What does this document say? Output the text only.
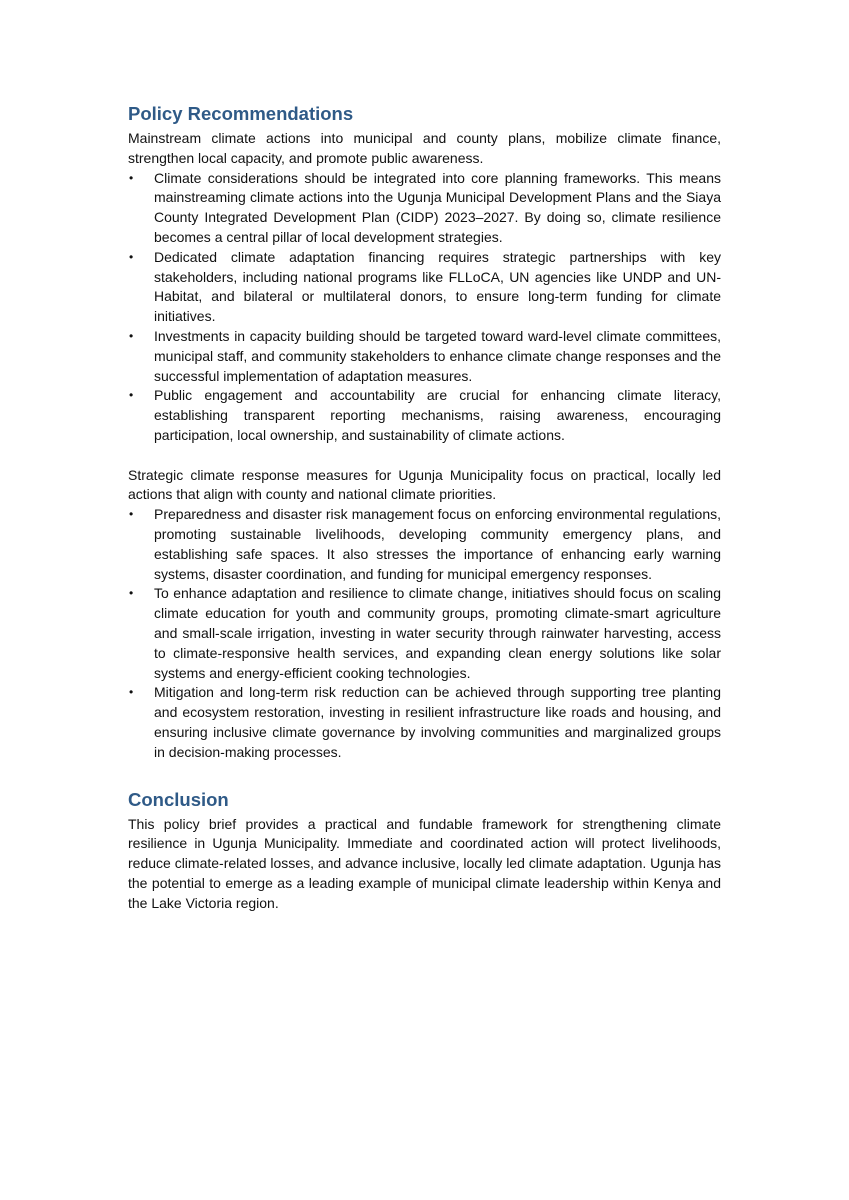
Policy Recommendations

Mainstream climate actions into municipal and county plans, mobilize climate finance, strengthen local capacity, and promote public awareness.

•	Climate considerations should be integrated into core planning frameworks. This means mainstreaming climate actions into the Ugunja Municipal Development Plans and the Siaya County Integrated Development Plan (CIDP) 2023–2027. By doing so, climate resilience becomes a central pillar of local development strategies.
•	Dedicated climate adaptation financing requires strategic partnerships with key stakeholders, including national programs like FLLoCA, UN agencies like UNDP and UN-Habitat, and bilateral or multilateral donors, to ensure long-term funding for climate initiatives.
•	Investments in capacity building should be targeted toward ward-level climate committees, municipal staff, and community stakeholders to enhance climate change responses and the successful implementation of adaptation measures.
•	Public engagement and accountability are crucial for enhancing climate literacy, establishing transparent reporting mechanisms, raising awareness, encouraging participation, local ownership, and sustainability of climate actions.

Strategic climate response measures for Ugunja Municipality focus on practical, locally led actions that align with county and national climate priorities.

•	Preparedness and disaster risk management focus on enforcing environmental regulations, promoting sustainable livelihoods, developing community emergency plans, and establishing safe spaces. It also stresses the importance of enhancing early warning systems, disaster coordination, and funding for municipal emergency responses.
•	To enhance adaptation and resilience to climate change, initiatives should focus on scaling climate education for youth and community groups, promoting climate-smart agriculture and small-scale irrigation, investing in water security through rainwater harvesting, access to climate-responsive health services, and expanding clean energy solutions like solar systems and energy-efficient cooking technologies.
•	Mitigation and long-term risk reduction can be achieved through supporting tree planting and ecosystem restoration, investing in resilient infrastructure like roads and housing, and ensuring inclusive climate governance by involving communities and marginalized groups in decision-making processes.
Conclusion

This policy brief provides a practical and fundable framework for strengthening climate resilience in Ugunja Municipality. Immediate and coordinated action will protect livelihoods, reduce climate-related losses, and advance inclusive, locally led climate adaptation. Ugunja has the potential to emerge as a leading example of municipal climate leadership within Kenya and the Lake Victoria region.
